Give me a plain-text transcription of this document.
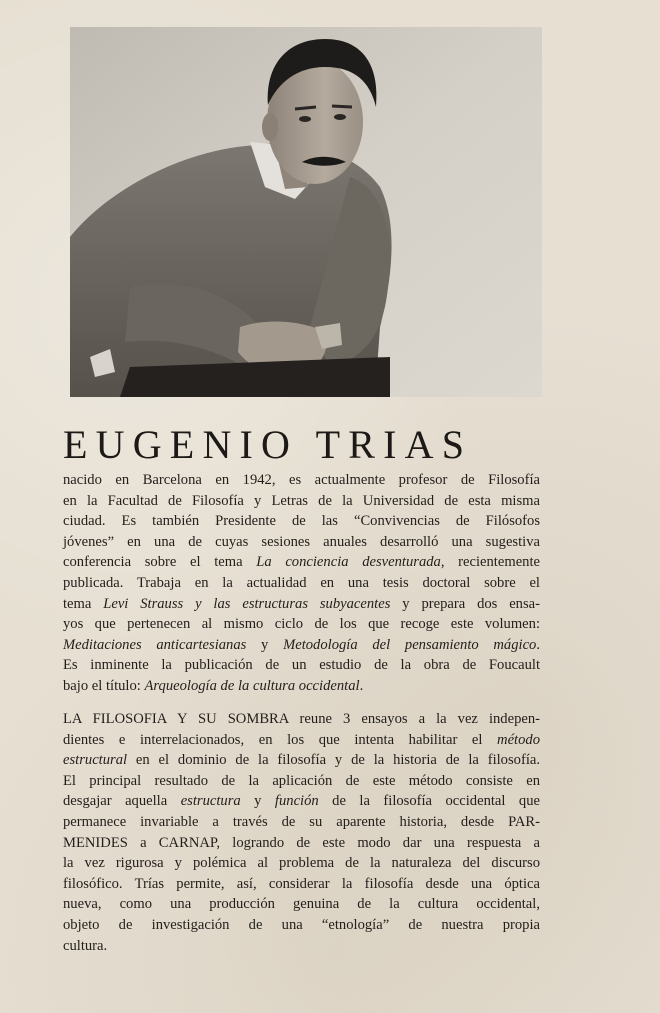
EUGENIO TRIAS
nacido en Barcelona en 1942, es actualmente profesor de Filosofía
en la Facultad de Filosofía y Letras de la Universidad de esta misma
ciudad. Es también Presidente de las “Convivencias de Filósofos
jóvenes” en una de cuyas sesiones anuales desarrolló una sugestiva
conferencia sobre el tema La conciencia desventurada, recientemente
publicada. Trabaja en la actualidad en una tesis doctoral sobre el
tema Levi Strauss y las estructuras subyacentes y prepara dos ensa-
yos que pertenecen al mismo ciclo de los que recoge este volumen:
Meditaciones anticartesianas y Metodología del pensamiento mágico.
Es inminente la publicación de un estudio de la obra de Foucault
bajo el título: Arqueología de la cultura occidental.
LA FILOSOFIA Y SU SOMBRA reune 3 ensayos a la vez indepen-
dientes e interrelacionados, en los que intenta habilitar el método
estructural en el dominio de la filosofía y de la historia de la filosofía.
El principal resultado de la aplicación de este método consiste en
desgajar aquella estructura y función de la filosofía occidental que
permanece invariable a través de su aparente historia, desde PAR-
MENIDES a CARNAP, logrando de este modo dar una respuesta a
la vez rigurosa y polémica al problema de la naturaleza del discurso
filosófico. Trías permite, así, considerar la filosofía desde una óptica
nueva, como una producción genuina de la cultura occidental,
objeto de investigación de una “etnología” de nuestra propia
cultura.
